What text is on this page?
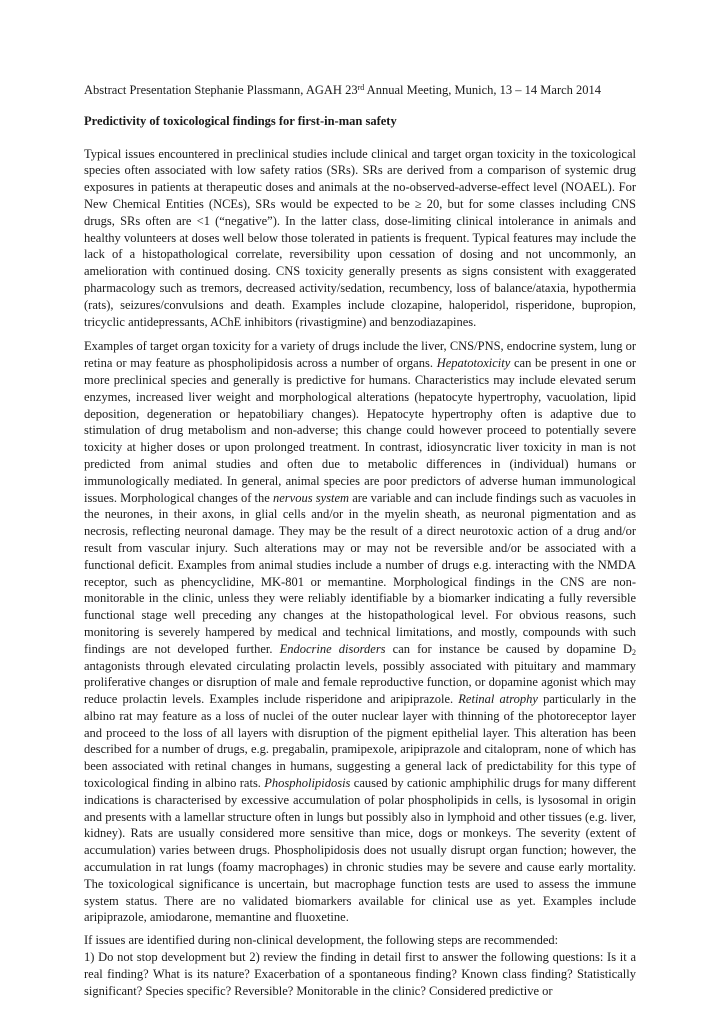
Abstract Presentation Stephanie Plassmann, AGAH 23rd Annual Meeting, Munich, 13 – 14 March 2014

Predictivity of toxicological findings for first-in-man safety

Typical issues encountered in preclinical studies include clinical and target organ toxicity in the toxicological species often associated with low safety ratios (SRs). SRs are derived from a comparison of systemic drug exposures in patients at therapeutic doses and animals at the no-observed-adverse-effect level (NOAEL). For New Chemical Entities (NCEs), SRs would be expected to be ≥ 20, but for some classes including CNS drugs, SRs often are <1 (“negative”). In the latter class, dose-limiting clinical intolerance in animals and healthy volunteers at doses well below those tolerated in patients is frequent. Typical features may include the lack of a histopathological correlate, reversibility upon cessation of dosing and not uncommonly, an amelioration with continued dosing. CNS toxicity generally presents as signs consistent with exaggerated pharmacology such as tremors, decreased activity/sedation, recumbency, loss of balance/ataxia, hypothermia (rats), seizures/convulsions and death. Examples include clozapine, haloperidol, risperidone, bupropion, tricyclic antidepressants, AChE inhibitors (rivastigmine) and benzodiazapines.

Examples of target organ toxicity for a variety of drugs include the liver, CNS/PNS, endocrine system, lung or retina or may feature as phospholipidosis across a number of organs. Hepatotoxicity can be present in one or more preclinical species and generally is predictive for humans. Characteristics may include elevated serum enzymes, increased liver weight and morphological alterations (hepatocyte hypertrophy, vacuolation, lipid deposition, degeneration or hepatobiliary changes). Hepatocyte hypertrophy often is adaptive due to stimulation of drug metabolism and non-adverse; this change could however proceed to potentially severe toxicity at higher doses or upon prolonged treatment. In contrast, idiosyncratic liver toxicity in man is not predicted from animal studies and often due to metabolic differences in (individual) humans or immunologically mediated. In general, animal species are poor predictors of adverse human immunological issues. Morphological changes of the nervous system are variable and can include findings such as vacuoles in the neurones, in their axons, in glial cells and/or in the myelin sheath, as neuronal pigmentation and as necrosis, reflecting neuronal damage. They may be the result of a direct neurotoxic action of a drug and/or result from vascular injury. Such alterations may or may not be reversible and/or be associated with a functional deficit. Examples from animal studies include a number of drugs e.g. interacting with the NMDA receptor, such as phencyclidine, MK-801 or memantine. Morphological findings in the CNS are non-monitorable in the clinic, unless they were reliably identifiable by a biomarker indicating a fully reversible functional stage well preceding any changes at the histopathological level. For obvious reasons, such monitoring is severely hampered by medical and technical limitations, and mostly, compounds with such findings are not developed further. Endocrine disorders can for instance be caused by dopamine $D_2$ antagonists through elevated circulating prolactin levels, possibly associated with pituitary and mammary proliferative changes or disruption of male and female reproductive function, or dopamine agonist which may reduce prolactin levels. Examples include risperidone and aripiprazole. Retinal atrophy particularly in the albino rat may feature as a loss of nuclei of the outer nuclear layer with thinning of the photoreceptor layer and proceed to the loss of all layers with disruption of the pigment epithelial layer. This alteration has been described for a number of drugs, e.g. pregabalin, pramipexole, aripiprazole and citalopram, none of which has been associated with retinal changes in humans, suggesting a general lack of predictability for this type of toxicological finding in albino rats. Phospholipidosis caused by cationic amphiphilic drugs for many different indications is characterised by excessive accumulation of polar phospholipids in cells, is lysosomal in origin and presents with a lamellar structure often in lungs but possibly also in lymphoid and other tissues (e.g. liver, kidney). Rats are usually considered more sensitive than mice, dogs or monkeys. The severity (extent of accumulation) varies between drugs. Phospholipidosis does not usually disrupt organ function; however, the accumulation in rat lungs (foamy macrophages) in chronic studies may be severe and cause early mortality. The toxicological significance is uncertain, but macrophage function tests are used to assess the immune system status. There are no validated biomarkers available for clinical use as yet. Examples include aripiprazole, amiodarone, memantine and fluoxetine.

If issues are identified during non-clinical development, the following steps are recommended:

1) Do not stop development but 2) review the finding in detail first to answer the following questions: Is it a real finding? What is its nature? Exacerbation of a spontaneous finding? Known class finding? Statistically significant? Species specific? Reversible? Monitorable in the clinic? Considered predictive or
